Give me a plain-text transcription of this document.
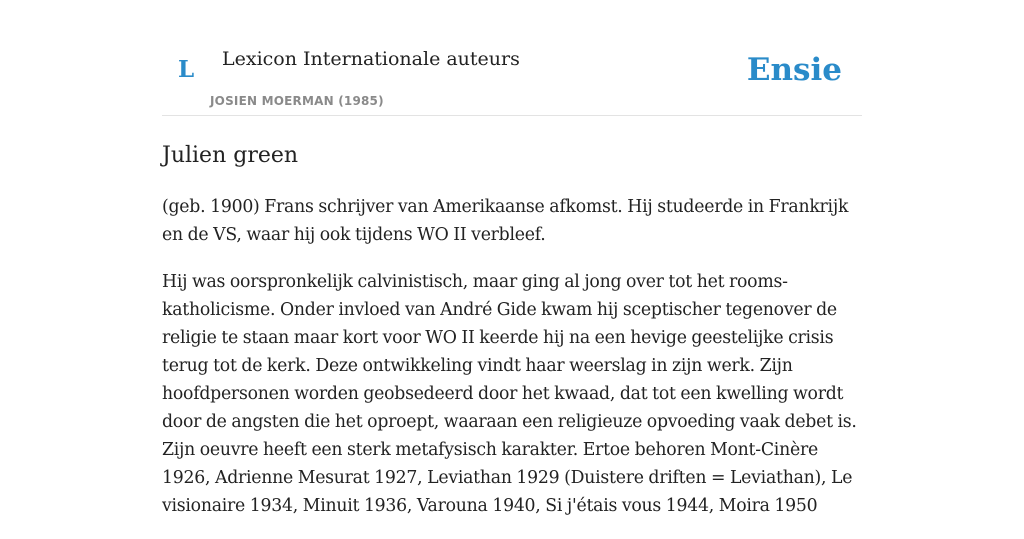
L Lexicon Internationale auteurs
JOSIEN MOERMAN (1985)
Ensie
Julien green

(geb. 1900) Frans schrijver van Amerikaanse afkomst. Hij studeerde in Frankrijk en de VS, waar hij ook tijdens WO II verbleef.

Hij was oorspronkelijk calvinistisch, maar ging al jong over tot het rooms-katholicisme. Onder invloed van André Gide kwam hij sceptischer tegenover de religie te staan maar kort voor WO II keerde hij na een hevige geestelijke crisis terug tot de kerk. Deze ontwikkeling vindt haar weerslag in zijn werk. Zijn hoofdpersonen worden geobsedeerd door het kwaad, dat tot een kwelling wordt door de angsten die het oproept, waaraan een religieuze opvoeding vaak debet is. Zijn oeuvre heeft een sterk metafysisch karakter. Ertoe behoren Mont-Cinère 1926, Adrienne Mesurat 1927, Leviathan 1929 (Duistere driften = Leviathan), Le visionaire 1934, Minuit 1936, Varouna 1940, Si j'étais vous 1944, Moira 1950
